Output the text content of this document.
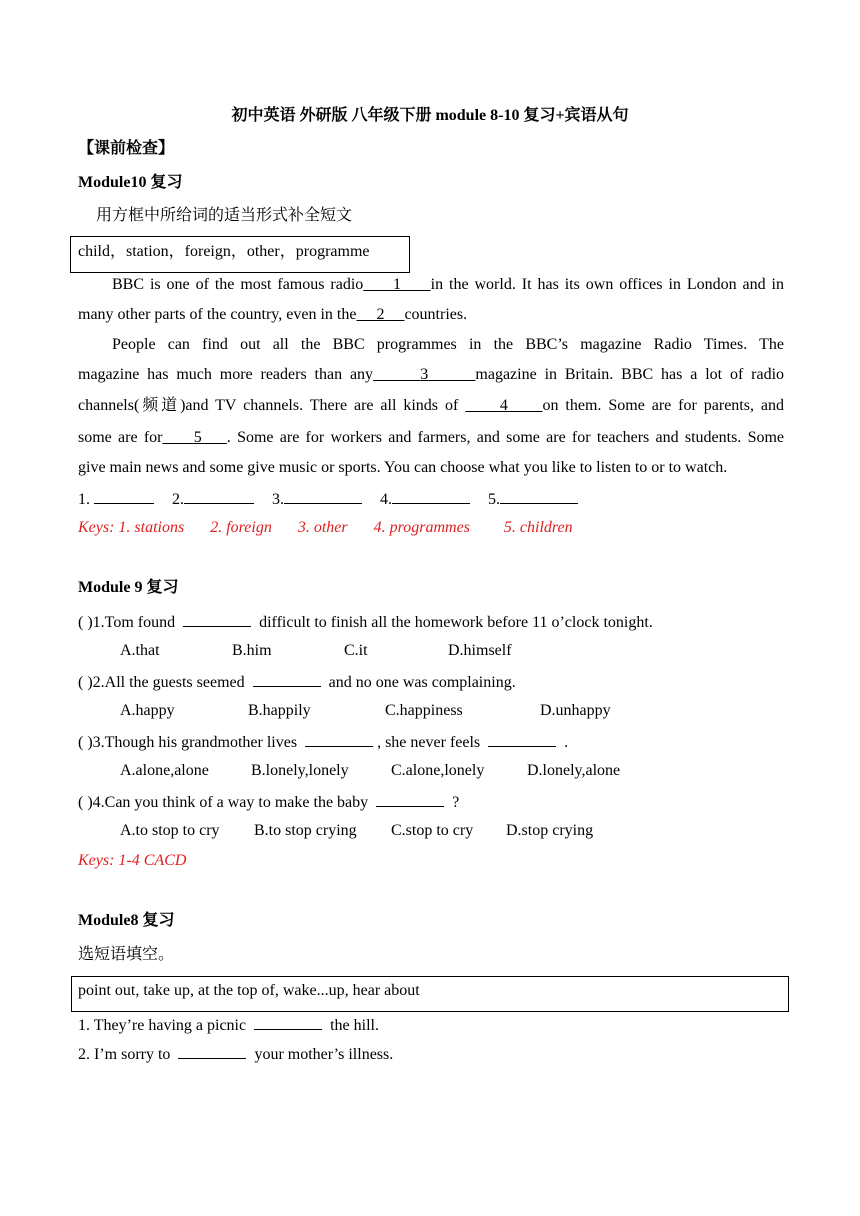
初中英语 外研版 八年级下册 module 8-10 复习+宾语从句
【课前检查】
Module10 复习
用方框中所给词的适当形式补全短文
child，station，foreign，other，programme
BBC is one of the most famous radio 1 in the world. It has its own offices in London and in
many other parts of the country, even in the 2 countries.
People can find out all the BBC programmes in the BBC’s magazine Radio Times. The
magazine has much more readers than any	3	magazine in Britain. BBC has a lot of radio
channels(频道)and TV channels. There are all kinds of	4 on them. Some are for parents, and
some are for 5 . Some are for workers and farmers, and some are for teachers and students. Some
give main news and some give music or sports. You can choose what you like to listen to or to watch.
1.	2.	3.	4.	5.
Keys: 1. stations 2. foreign 3. other 4. programmes 5. children
Module 9 复习
( )1.Tom found	difficult to finish all the homework before 11 o’clock tonight.
A.that	B.him	C.it	D.himself
( )2.All the guests seemed	and no one was complaining.
A.happy	B.happily	C.happiness	D.unhappy
( )3.Though his grandmother lives	, she never feels	.
A.alone,alone	B.lonely,lonely	C.alone,lonely	D.lonely,alone
( )4.Can you think of a way to make the baby	?
A.to stop to cry B.to stop crying C.stop to cry D.stop crying
Keys: 1-4 CACD
Module8 复习
选短语填空。
point out, take up, at the top of, wake...up, hear about
1. They’re having a picnic	the hill.
2. I’m sorry to	your mother’s illness.
